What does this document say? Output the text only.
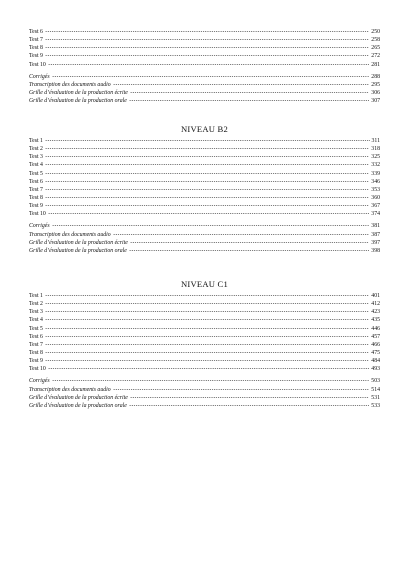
Test 6	250
Test 7	258
Test 8	265
Test 9	272
Test 10	281
Corrigés	288
Transcription des documents audio	295
Grille d’évaluation de la production écrite	306
Grille d’évaluation de la production orale	307
NIVEAU B2
Test 1	311
Test 2	318
Test 3	325
Test 4	332
Test 5	339
Test 6	346
Test 7	353
Test 8	360
Test 9	367
Test 10	374
Corrigés	381
Transcription des documents audio	387
Grille d’évaluation de la production écrite	397
Grille d’évaluation de la production orale	398
NIVEAU C1
Test 1	401
Test 2	412
Test 3	423
Test 4	435
Test 5	446
Test 6	457
Test 7	466
Test 8	475
Test 9	484
Test 10	493
Corrigés	503
Transcription des documents audio	514
Grille d’évaluation de la production écrite	531
Grille d’évaluation de la production orale	533
